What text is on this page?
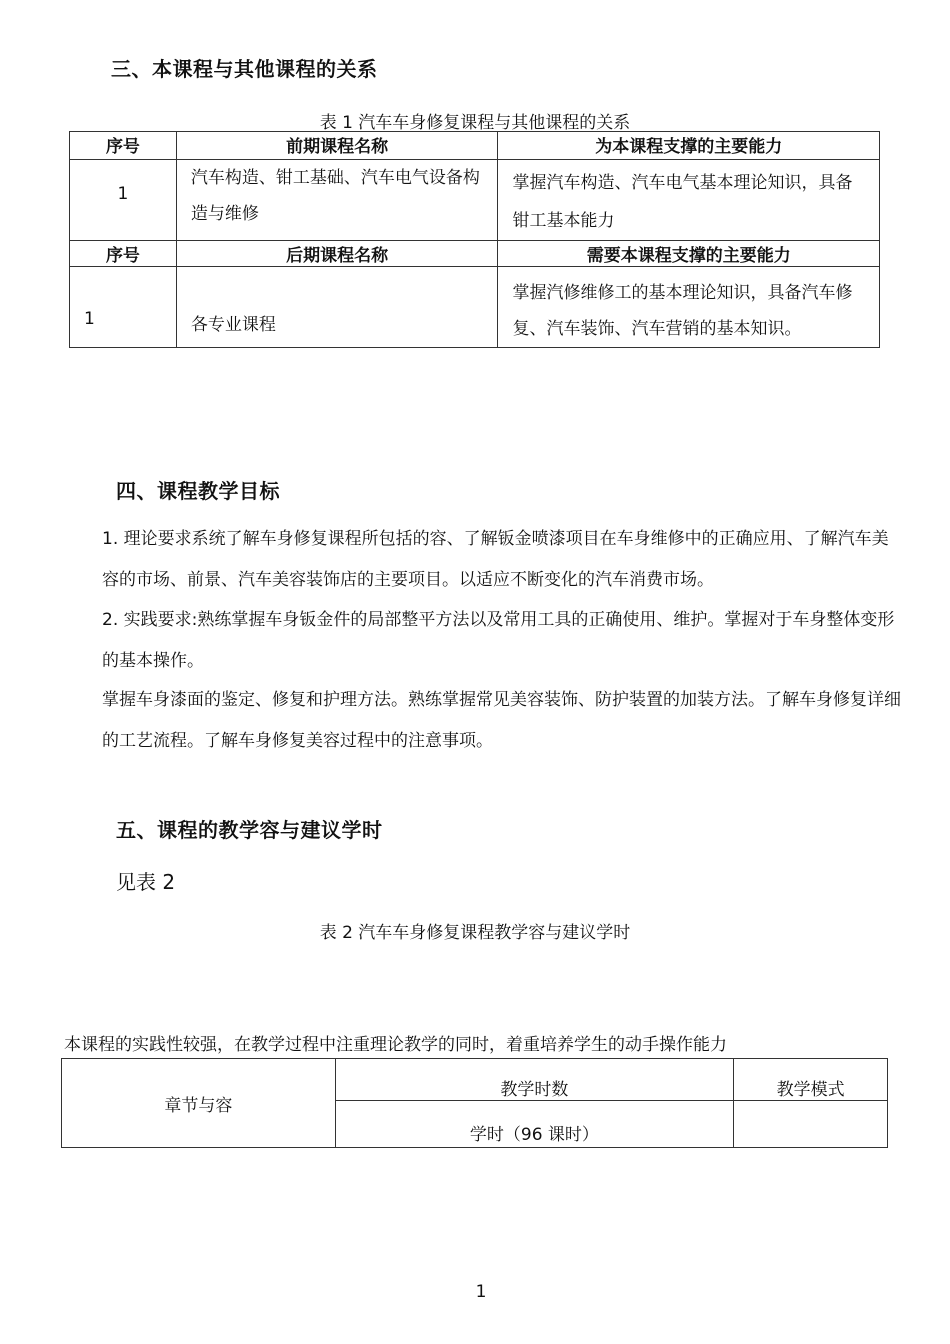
三、本课程与其他课程的关系
表 1 汽车车身修复课程与其他课程的关系
序号	前期课程名称	为本课程支撑的主要能力
1	汽车构造、钳工基础、汽车电气设备构造与维修	掌握汽车构造、汽车电气基本理论知识，具备钳工基本能力

序号	后期课程名称	需要本课程支撑的主要能力
1	各专业课程	掌握汽修维修工的基本理论知识，具备汽车修复、汽车装饰、汽车营销的基本知识。
四、课程教学目标

1. 理论要求系统了解车身修复课程所包括的容、了解钣金喷漆项目在车身维修中的正确应用、了解汽车美容的市场、前景、汽车美容装饰店的主要项目。以适应不断变化的汽车消费市场。

2. 实践要求:熟练掌握车身钣金件的局部整平方法以及常用工具的正确使用、维护。掌握对于车身整体变形的基本操作。

掌握车身漆面的鉴定、修复和护理方法。熟练掌握常见美容装饰、防护装置的加装方法。了解车身修复详细的工艺流程。了解车身修复美容过程中的注意事项。

五、课程的教学容与建议学时
见表 2
表 2 汽车车身修复课程教学容与建议学时
本课程的实践性较强，在教学过程中注重理论教学的同时，着重培养学生的动手操作能力
章节与容	教学时数	教学模式
	学时（96 课时）	
1
